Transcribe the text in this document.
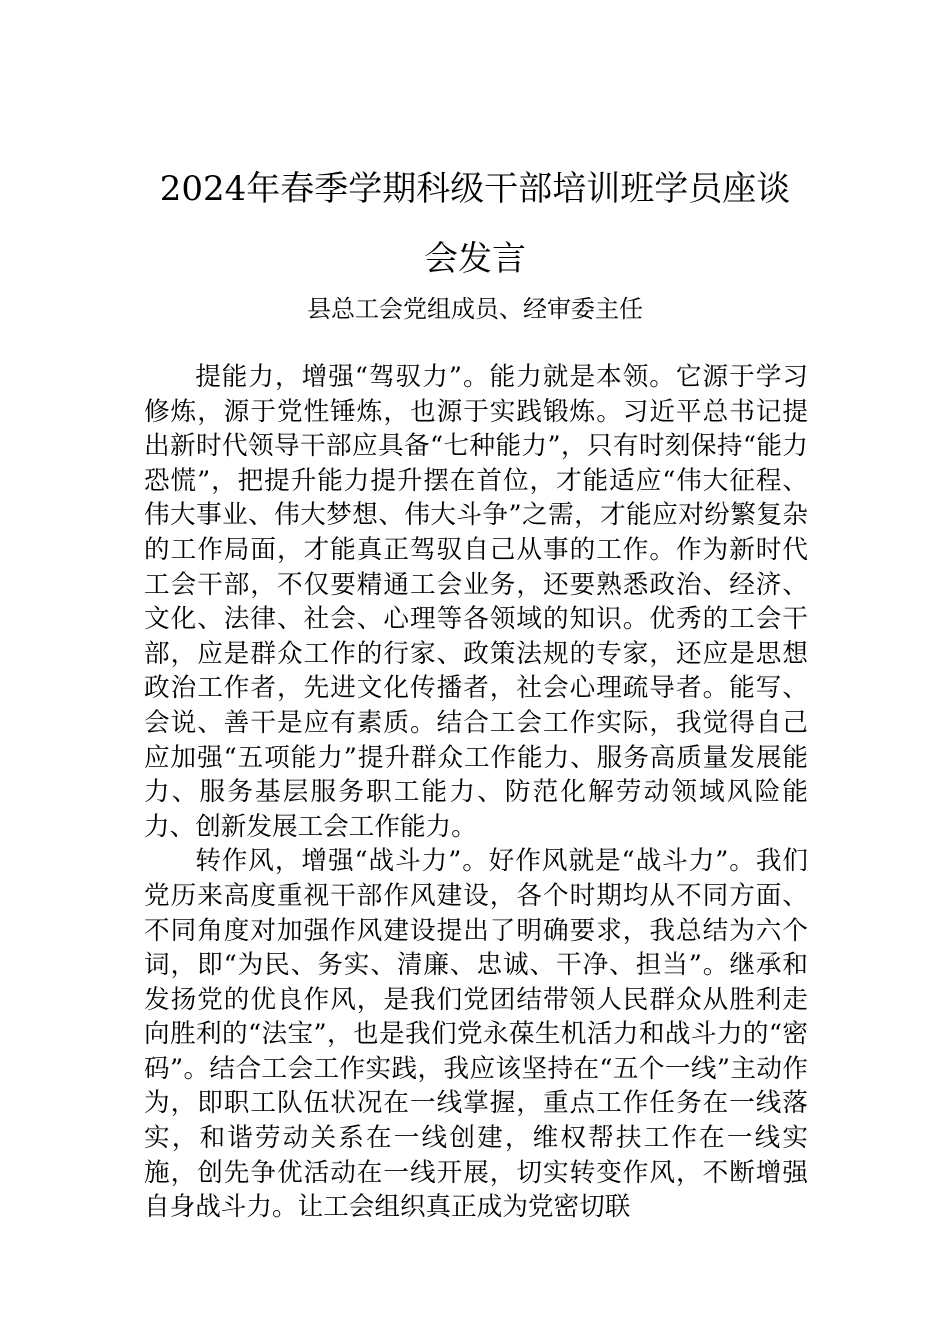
2024年春季学期科级干部培训班学员座谈
会发言
县总工会党组成员、经审委主任

提能力，增强“驾驭力”。能力就是本领。它源于学习修炼，源于党性锤炼，也源于实践锻炼。习近平总书记提出新时代领导干部应具备“七种能力”，只有时刻保持“能力恐慌”，把提升能力提升摆在首位，才能适应“伟大征程、伟大事业、伟大梦想、伟大斗争”之需，才能应对纷繁复杂的工作局面，才能真正驾驭自己从事的工作。作为新时代工会干部，不仅要精通工会业务，还要熟悉政治、经济、文化、法律、社会、心理等各领域的知识。优秀的工会干部，应是群众工作的行家、政策法规的专家，还应是思想政治工作者，先进文化传播者，社会心理疏导者。能写、会说、善干是应有素质。结合工会工作实际，我觉得自己应加强“五项能力”提升群众工作能力、服务高质量发展能力、服务基层服务职工能力、防范化解劳动领域风险能力、创新发展工会工作能力。

转作风，增强“战斗力”。好作风就是“战斗力”。我们党历来高度重视干部作风建设，各个时期均从不同方面、不同角度对加强作风建设提出了明确要求，我总结为六个词，即“为民、务实、清廉、忠诚、干净、担当”。继承和发扬党的优良作风，是我们党团结带领人民群众从胜利走向胜利的“法宝”，也是我们党永葆生机活力和战斗力的“密码”。结合工会工作实践，我应该坚持在“五个一线”主动作为，即职工队伍状况在一线掌握，重点工作任务在一线落实，和谐劳动关系在一线创建，维权帮扶工作在一线实施，创先争优活动在一线开展，切实转变作风，不断增强自身战斗力。让工会组织真正成为党密切联
